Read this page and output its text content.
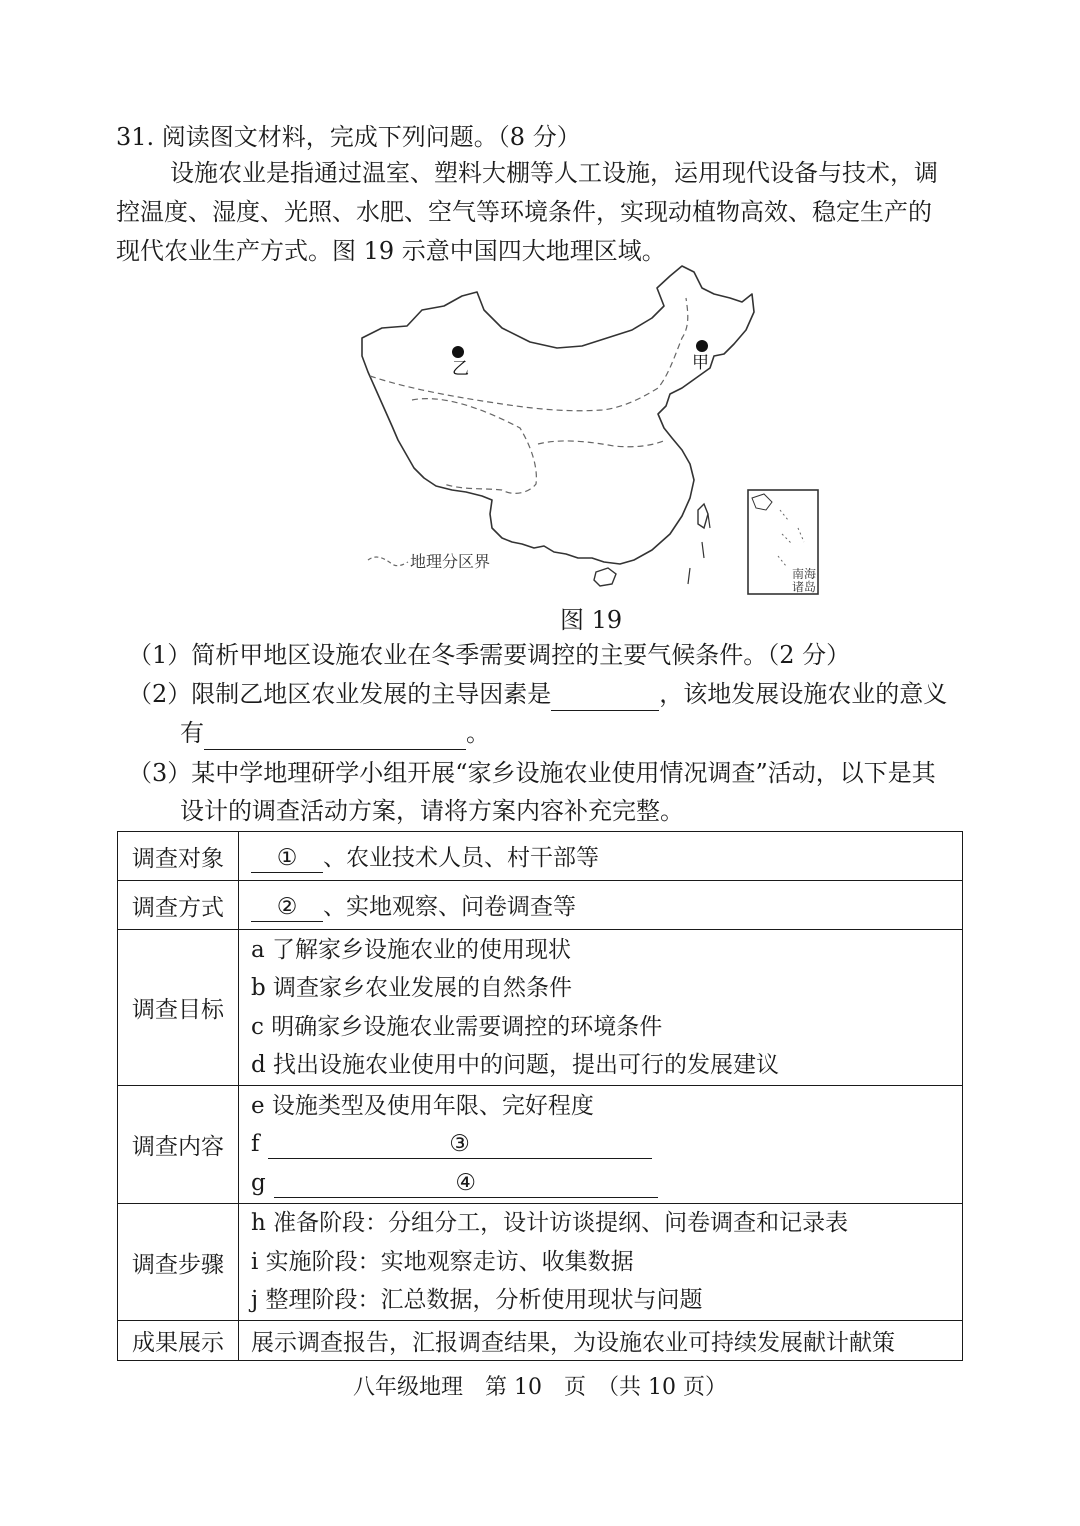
31. 阅读图文材料，完成下列问题。（8 分）
设施农业是指通过温室、塑料大棚等人工设施，运用现代设备与技术，调
控温度、湿度、光照、水肥、空气等环境条件，实现动植物高效、稳定生产的
现代农业生产方式。图 19 示意中国四大地理区域。
乙	甲
地理分区界
南海
诸岛
图 19
（1）简析甲地区设施农业在冬季需要调控的主要气候条件。（2 分）
（2）限制乙地区农业发展的主导因素是	，该地发展设施农业的意义
有	。
（3）某中学地理研学小组开展“家乡设施农业使用情况调查”活动，以下是其
设计的调查活动方案，请将方案内容补充完整。
调查对象	① 、农业技术人员、村干部等
调查方式	② 、实地观察、问卷调查等
调查目标	a 了解家乡设施农业的使用现状
b 调查家乡农业发展的自然条件
c 明确家乡设施农业需要调控的环境条件
d 找出设施农业使用中的问题，提出可行的发展建议

调查内容	e 设施类型及使用年限、完好程度
f ③
g ④

调查步骤	h 准备阶段：分组分工，设计访谈提纲、问卷调查和记录表
i 实施阶段：实地观察走访、收集数据
j 整理阶段：汇总数据，分析使用现状与问题

成果展示	展示调查报告，汇报调查结果，为设施农业可持续发展献计献策
八年级地理　第 10　页　（共 10 页）
